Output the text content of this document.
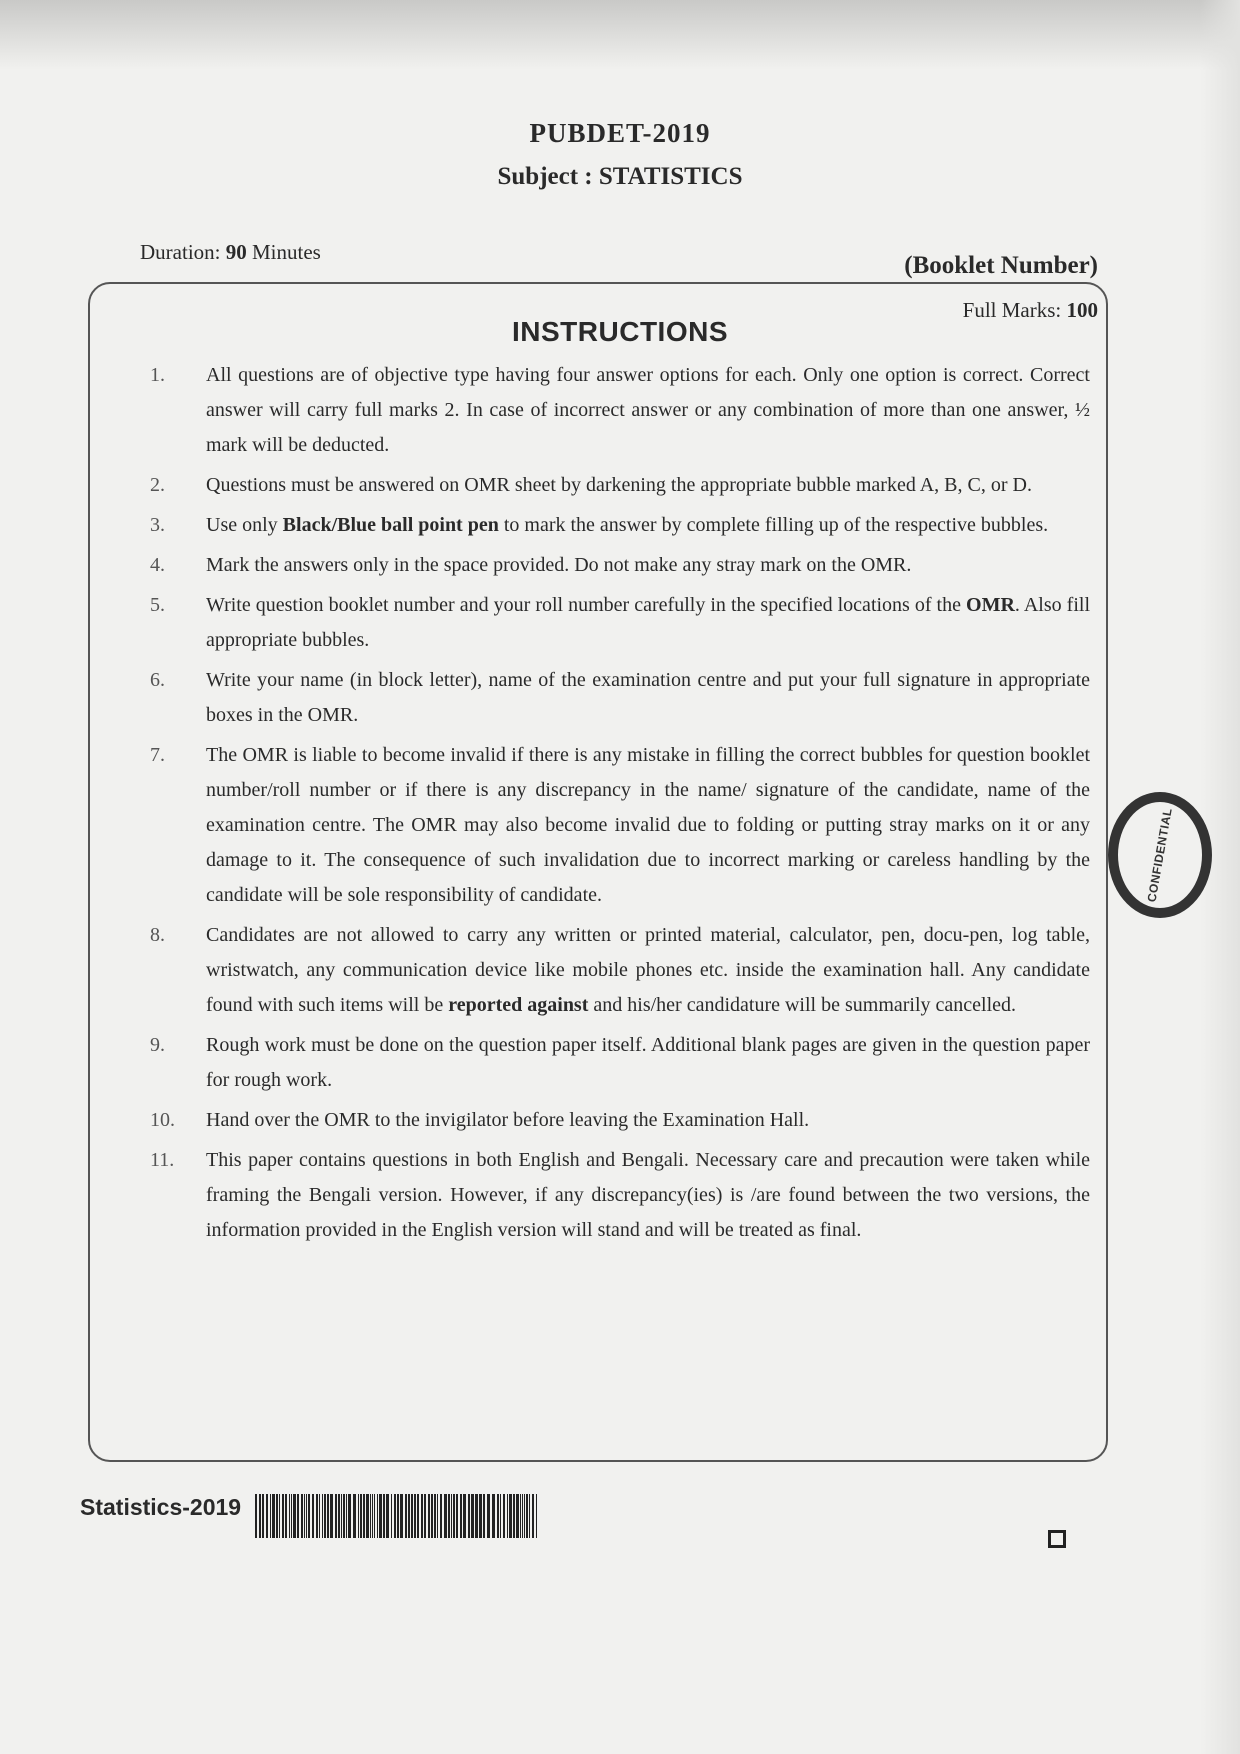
PUBDET-2019
Subject : STATISTICS
Duration: 90 Minutes	(Booklet Number)
Full Marks: 100
INSTRUCTIONS
1.	All questions are of objective type having four answer options for each. Only one option is correct. Correct answer will carry full marks 2. In case of incorrect answer or any combination of more than one answer, ½ mark will be deducted.
2.	Questions must be answered on OMR sheet by darkening the appropriate bubble marked A, B, C, or D.
3.	Use only Black/Blue ball point pen to mark the answer by complete filling up of the respective bubbles.
4.	Mark the answers only in the space provided. Do not make any stray mark on the OMR.
5.	Write question booklet number and your roll number carefully in the specified locations of the OMR. Also fill appropriate bubbles.
6.	Write your name (in block letter), name of the examination centre and put your full signature in appropriate boxes in the OMR.
7.	The OMR is liable to become invalid if there is any mistake in filling the correct bubbles for question booklet number/roll number or if there is any discrepancy in the name/ signature of the candidate, name of the examination centre. The OMR may also become invalid due to folding or putting stray marks on it or any damage to it. The consequence of such invalidation due to incorrect marking or careless handling by the candidate will be sole responsibility of candidate.
8.	Candidates are not allowed to carry any written or printed material, calculator, pen, docu-pen, log table, wristwatch, any communication device like mobile phones etc. inside the examination hall. Any candidate found with such items will be reported against and his/her candidature will be summarily cancelled.
9.	Rough work must be done on the question paper itself. Additional blank pages are given in the question paper for rough work.
10.	Hand over the OMR to the invigilator before leaving the Examination Hall.
11.	This paper contains questions in both English and Bengali. Necessary care and precaution were taken while framing the Bengali version. However, if any discrepancy(ies) is /are found between the two versions, the information provided in the English version will stand and will be treated as final.
CONFIDENTIAL
Statistics-2019
